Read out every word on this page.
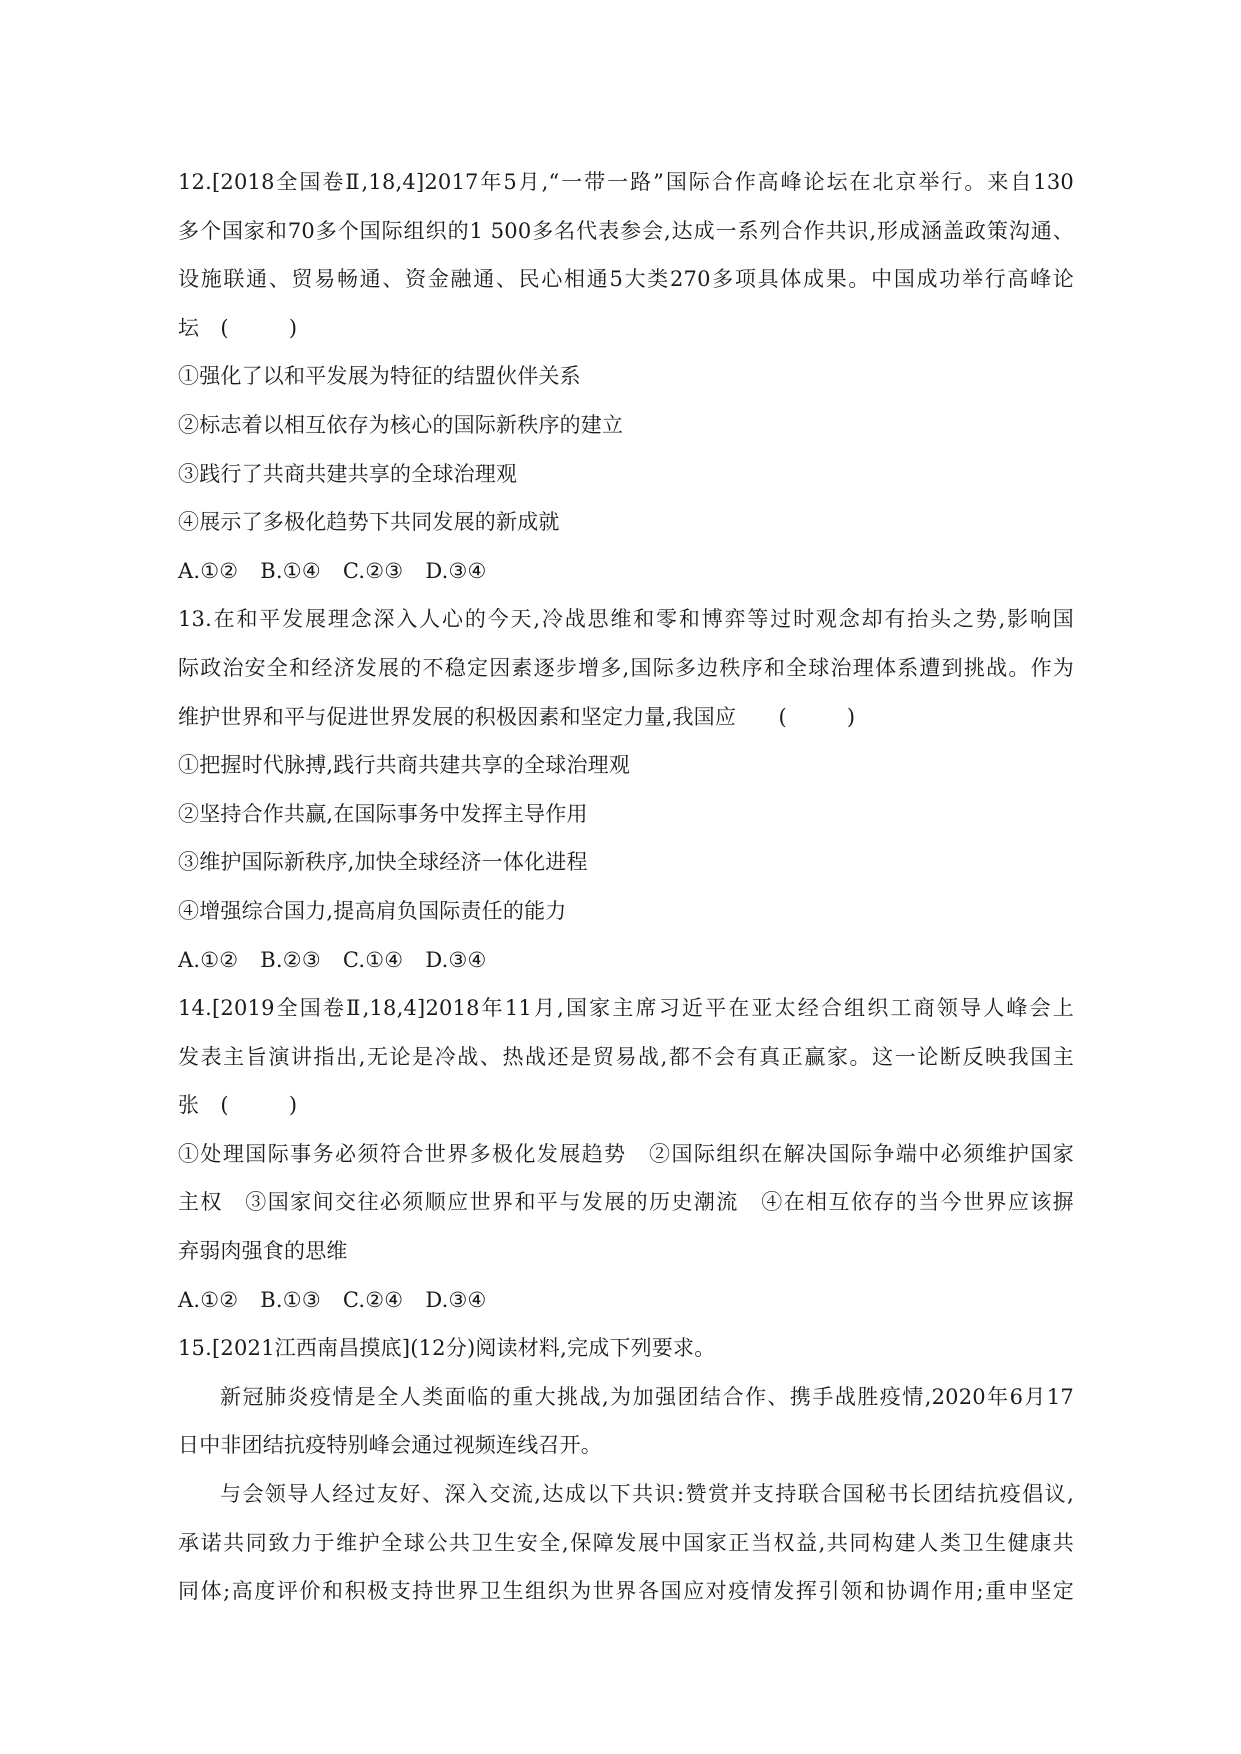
12.[2018全国卷Ⅱ,18,4]2017年5月,“一带一路”国际合作高峰论坛在北京举行。来自130
多个国家和70多个国际组织的1 500多名代表参会,达成一系列合作共识,形成涵盖政策沟通、
设施联通、贸易畅通、资金融通、民心相通5大类270多项具体成果。中国成功举行高峰论
坛　 (	)
①强化了以和平发展为特征的结盟伙伴关系
②标志着以相互依存为核心的国际新秩序的建立
③践行了共商共建共享的全球治理观
④展示了多极化趋势下共同发展的新成就
A.①② B.①④ C.②③ D.③④
13.在和平发展理念深入人心的今天,冷战思维和零和博弈等过时观念却有抬头之势,影响国
际政治安全和经济发展的不稳定因素逐步增多,国际多边秩序和全球治理体系遭到挑战。作为
维护世界和平与促进世界发展的积极因素和坚定力量,我国应　　 (	)
①把握时代脉搏,践行共商共建共享的全球治理观
②坚持合作共赢,在国际事务中发挥主导作用
③维护国际新秩序,加快全球经济一体化进程
④增强综合国力,提高肩负国际责任的能力
A.①② B.②③ C.①④ D.③④
14.[2019全国卷Ⅱ,18,4]2018年11月,国家主席习近平在亚太经合组织工商领导人峰会上
发表主旨演讲指出,无论是冷战、热战还是贸易战,都不会有真正赢家。这一论断反映我国主
张　 (	)
①处理国际事务必须符合世界多极化发展趋势　②国际组织在解决国际争端中必须维护国家
主权　③国家间交往必须顺应世界和平与发展的历史潮流　④在相互依存的当今世界应该摒
弃弱肉强食的思维
A.①② B.①③ C.②④ D.③④
15.[2021江西南昌摸底](12分)阅读材料,完成下列要求。
新冠肺炎疫情是全人类面临的重大挑战,为加强团结合作、携手战胜疫情,2020年6月17
日中非团结抗疫特别峰会通过视频连线召开。
与会领导人经过友好、深入交流,达成以下共识:赞赏并支持联合国秘书长团结抗疫倡议,
承诺共同致力于维护全球公共卫生安全,保障发展中国家正当权益,共同构建人类卫生健康共
同体;高度评价和积极支持世界卫生组织为世界各国应对疫情发挥引领和协调作用;重申坚定
